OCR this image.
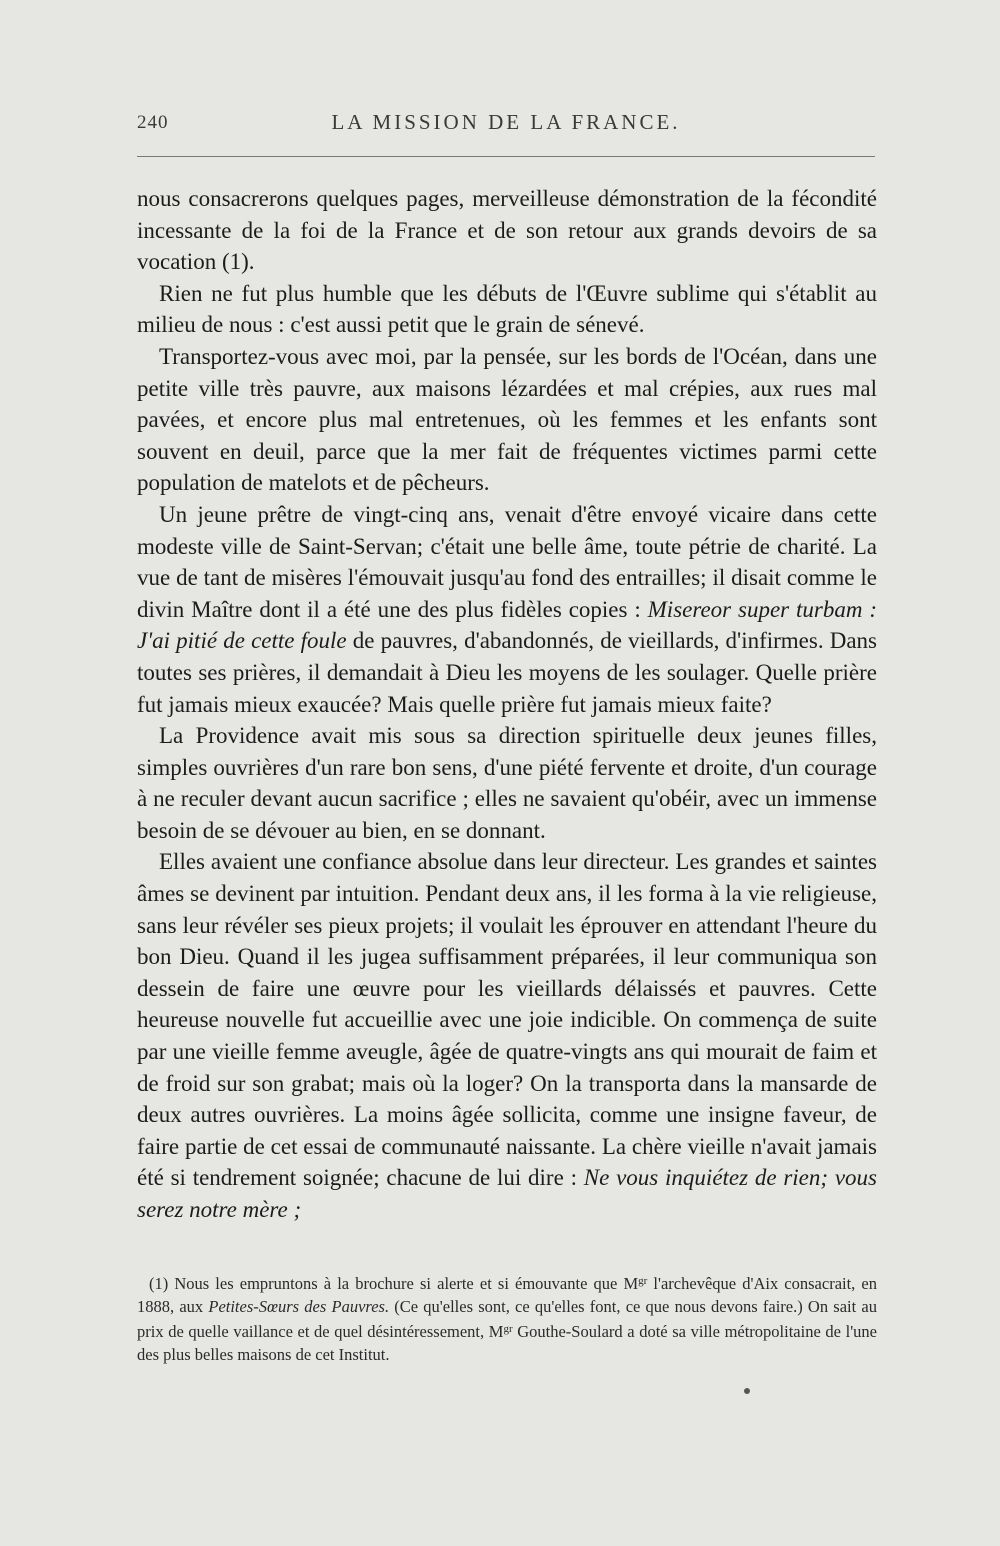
240	LA MISSION DE LA FRANCE.

nous consacrerons quelques pages, merveilleuse démonstration de la fécondité incessante de la foi de la France et de son retour aux grands devoirs de sa vocation (1).

Rien ne fut plus humble que les débuts de l'Œuvre sublime qui s'établit au milieu de nous : c'est aussi petit que le grain de sénevé.

Transportez-vous avec moi, par la pensée, sur les bords de l'Océan, dans une petite ville très pauvre, aux maisons lézardées et mal crépies, aux rues mal pavées, et encore plus mal entretenues, où les femmes et les enfants sont souvent en deuil, parce que la mer fait de fréquentes victimes parmi cette population de matelots et de pêcheurs.

Un jeune prêtre de vingt-cinq ans, venait d'être envoyé vicaire dans cette modeste ville de Saint-Servan; c'était une belle âme, toute pétrie de charité. La vue de tant de misères l'émouvait jusqu'au fond des entrailles; il disait comme le divin Maître dont il a été une des plus fidèles copies : Misereor super turbam : J'ai pitié de cette foule de pauvres, d'abandonnés, de vieillards, d'infirmes. Dans toutes ses prières, il demandait à Dieu les moyens de les soulager. Quelle prière fut jamais mieux exaucée? Mais quelle prière fut jamais mieux faite?

La Providence avait mis sous sa direction spirituelle deux jeunes filles, simples ouvrières d'un rare bon sens, d'une piété fervente et droite, d'un courage à ne reculer devant aucun sacrifice ; elles ne savaient qu'obéir, avec un immense besoin de se dévouer au bien, en se donnant.

Elles avaient une confiance absolue dans leur directeur. Les grandes et saintes âmes se devinent par intuition. Pendant deux ans, il les forma à la vie religieuse, sans leur révéler ses pieux projets; il voulait les éprouver en attendant l'heure du bon Dieu. Quand il les jugea suffisamment préparées, il leur communiqua son dessein de faire une œuvre pour les vieillards délaissés et pauvres. Cette heureuse nouvelle fut accueillie avec une joie indicible. On commença de suite par une vieille femme aveugle, âgée de quatre-vingts ans qui mourait de faim et de froid sur son grabat; mais où la loger? On la transporta dans la mansarde de deux autres ouvrières. La moins âgée sollicita, comme une insigne faveur, de faire partie de cet essai de communauté naissante. La chère vieille n'avait jamais été si tendrement soignée; chacune de lui dire : Ne vous inquiétez de rien; vous serez notre mère ;

(1) Nous les empruntons à la brochure si alerte et si émouvante que $M^{gr}$ l'archevêque d'Aix consacrait, en 1888, aux Petites-Sœurs des Pauvres. (Ce qu'elles sont, ce qu'elles font, ce que nous devons faire.) On sait au prix de quelle vaillance et de quel désintéressement, $M^{gr}$ Gouthe-Soulard a doté sa ville métropolitaine de l'une des plus belles maisons de cet Institut.
